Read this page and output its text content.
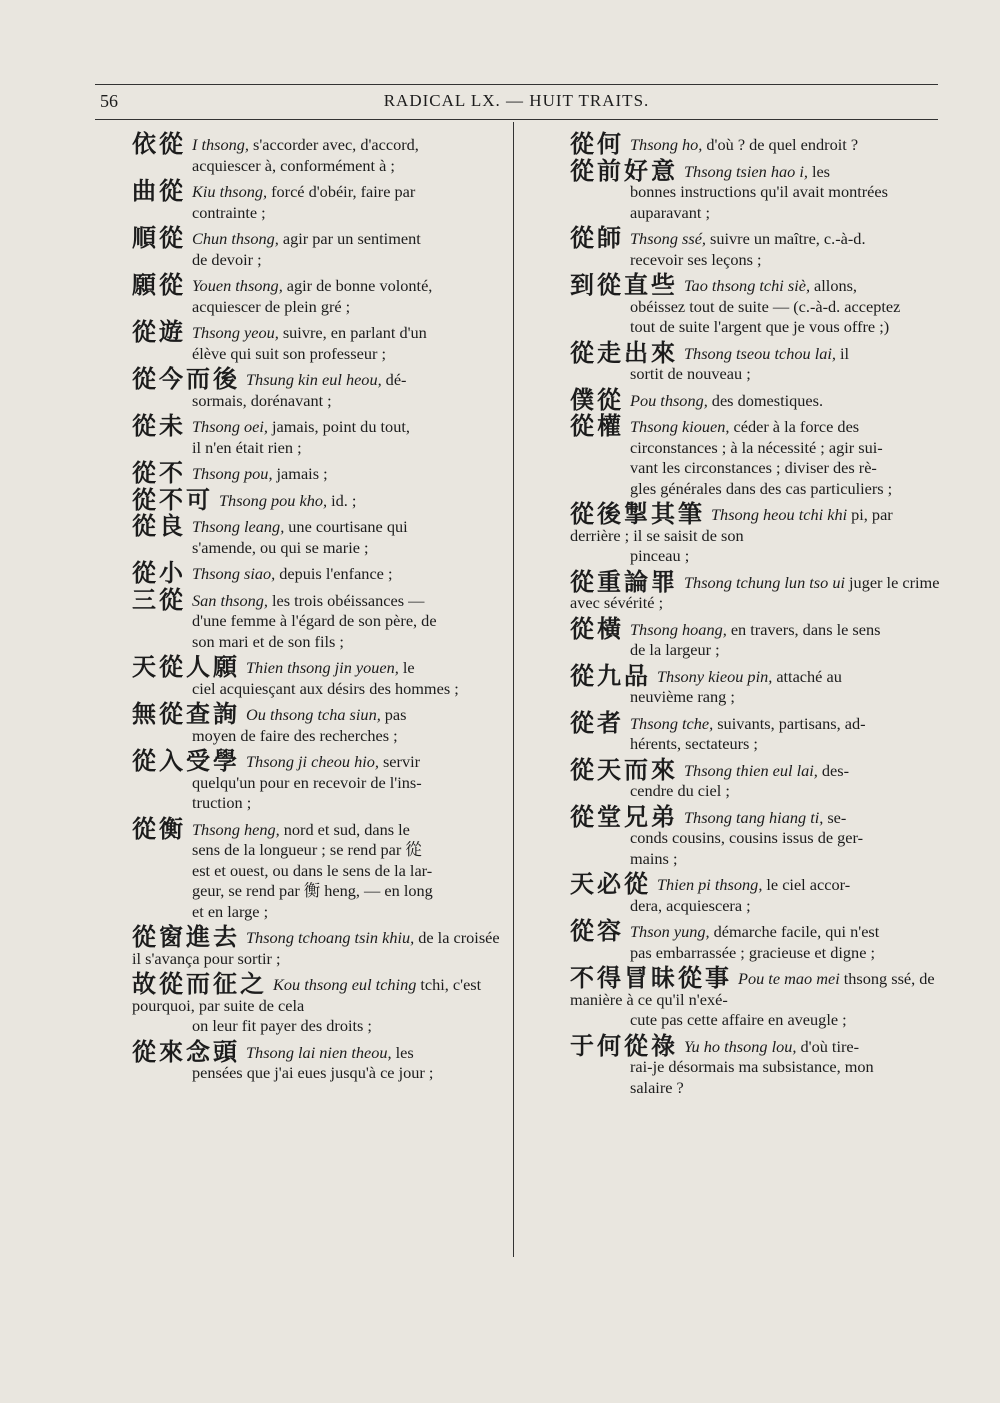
56	RADICAL LX. — HUIT TRAITS.
依從 I thsong, s'accorder avec, d'accord,
acquiescer à, conformément à ;
曲從 Kiu thsong, forcé d'obéir, faire par
contrainte ;
順從 Chun thsong, agir par un sentiment
de devoir ;
願從 Youen thsong, agir de bonne volonté,
acquiescer de plein gré ;
從遊 Thsong yeou, suivre, en parlant d'un
élève qui suit son professeur ;
從今而後 Thsung kin eul heou, dé-
sormais, dorénavant ;
從未 Thsong oei, jamais, point du tout,
il n'en était rien ;
從不 Thsong pou, jamais ;
從不可 Thsong pou kho, id. ;
從良 Thsong leang, une courtisane qui
s'amende, ou qui se marie ;
從小 Thsong siao, depuis l'enfance ;
三從 San thsong, les trois obéissances —
d'une femme à l'égard de son père, de
son mari et de son fils ;
天從人願 Thien thsong jin youen, le
ciel acquiesçant aux désirs des hommes ;
無從查詢 Ou thsong tcha siun, pas
moyen de faire des recherches ;
從入受學 Thsong ji cheou hio, servir
quelqu'un pour en recevoir de l'ins-
truction ;
從衡 Thsong heng, nord et sud, dans le
sens de la longueur ; se rend par 從
est et ouest, ou dans le sens de la lar-
geur, se rend par 衡 heng, — en long
et en large ;
從窗進去 Thsong tchoang tsin khiu, de la croisée il s'avança pour sortir ;
故從而征之 Kou thsong eul tching tchi, c'est pourquoi, par suite de cela
on leur fit payer des droits ;
從來念頭 Thsong lai nien theou, les
pensées que j'ai eues jusqu'à ce jour ;
從何 Thsong ho, d'où ? de quel endroit ?
從前好意 Thsong tsien hao i, les
bonnes instructions qu'il avait montrées
auparavant ;
從師 Thsong ssé, suivre un maître, c.-à-d.
recevoir ses leçons ;
到從直些 Tao thsong tchi siè, allons,
obéissez tout de suite — (c.-à-d. acceptez
tout de suite l'argent que je vous offre ;)
從走出來 Thsong tseou tchou lai, il
sortit de nouveau ;
僕從 Pou thsong, des domestiques.
從權 Thsong kiouen, céder à la force des
circonstances ; à la nécessité ; agir sui-
vant les circonstances ; diviser des rè-
gles générales dans des cas particuliers ;
從後掣其筆 Thsong heou tchi khi pi, par derrière ; il se saisit de son
pinceau ;
從重論罪 Thsong tchung lun tso ui juger le crime avec sévérité ;
從橫 Thsong hoang, en travers, dans le sens
de la largeur ;
從九品 Thsony kieou pin, attaché au
neuvième rang ;
從者 Thsong tche, suivants, partisans, ad-
hérents, sectateurs ;
從天而來 Thsong thien eul lai, des-
cendre du ciel ;
從堂兄弟 Thsong tang hiang ti, se-
conds cousins, cousins issus de ger-
mains ;
天必從 Thien pi thsong, le ciel accor-
dera, acquiescera ;
從容 Thson yung, démarche facile, qui n'est
pas embarrassée ; gracieuse et digne ;
不得冒昧從事 Pou te mao mei thsong ssé, de manière à ce qu'il n'exé-
cute pas cette affaire en aveugle ;
于何從祿 Yu ho thsong lou, d'où tire-
rai-je désormais ma subsistance, mon
salaire ?
